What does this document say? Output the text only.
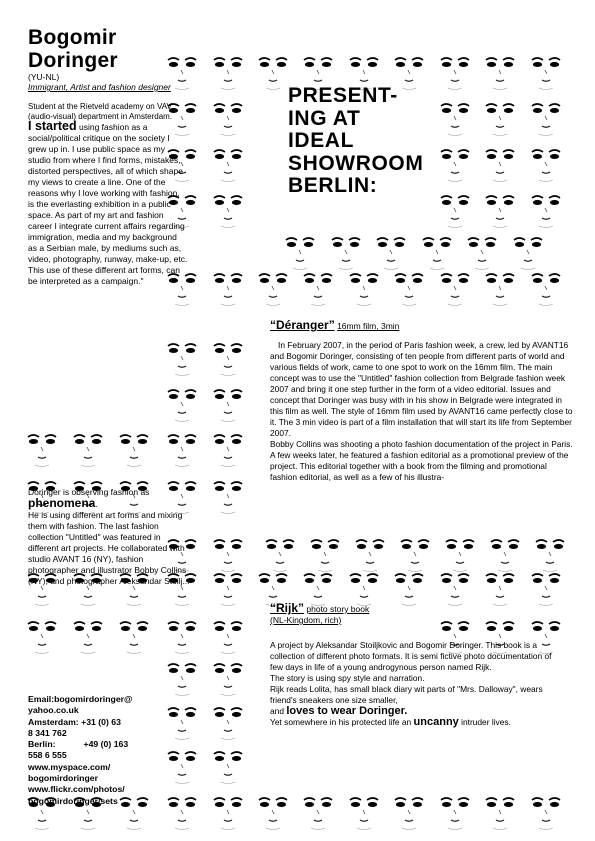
Bogomir
Doringer
(YU-NL)
Immigrant, Artist and fashion designer
Student at the Rietveld academy on VAV (audio-visual) department in Amsterdam.
I started using fashion as a social/political critique on the society I grew up in. I use public space as my studio from where I find forms, mistakes, distorted perspectives, all of which shape my views to create a line. One of the reasons why I love working with fashion, is the everlasting exhibition in a public space. As part of my art and fashion career I integrate current affairs regarding immigration, media and my background as a Serbian male, by mediums such as, video, photography, runway, make-up, etc. This use of these different art forms, can be interpreted as a campaign."
Doringer is observing fashion as phenomena.
He is using different art forms and mixing them with fashion. The last fashion collection "Untitled" was featured in different art projects. He collaborated with studio AVANT 16 (NY), fashion photographer and illustrator Bobby Collins (NY), and photographer Aleksandar Stoilj...
Email:bogomirdoringer@
yahoo.co.uk
Amsterdam: +31 (0) 63
8 341 762
Berlin:	+49 (0) 163
558 6 555
www.myspace.com/
bogomirdoringer
www.flickr.com/photos/
bogomirdoringer/sets
PRESENT-
ING AT
IDEAL
SHOWROOM
BERLIN:
“Déranger” 16mm film, 3min
In February 2007, in the period of Paris fashion week, a crew, led by AVANT16 and Bogomir Doringer, consisting of ten people from different parts of world and various fields of work, came to one spot to work on the 16mm film. The main concept was to use the "Untitled" fashion collection from Belgrade fashion week 2007 and bring it one step further in the form of a video editorial. Issues and concept that Doringer was busy with in his show in Belgrade were integrated in this film as well. The style of 16mm film used by AVANT16 came perfectly close to it. The 3 min video is part of a film installation that will start its life from September 2007.
Bobby Collins was shooting a photo fashion documentation of the project in Paris. A few weeks later, he featured a fashion editorial as a promotional preview of the project. This editorial together with a book from the filming and promotional fashion editorial, as well as a few of his illustra-
“Rijk” photo story book
(NL-Kingdom, rich)
A project by Aleksandar Stoiljkovic and Bogomir Doringer. This book is a collection of different photo formats. It is semi fictive photo documentation of few days in life of a young androgynous person named Rijk.
The story is using spy style and narration.
Rijk reads Lolita, has small black diary wit parts of "Mrs. Dalloway", wears friend's sneakers one size smaller,
and loves to wear Doringer.
Yet somewhere in his protected life an uncanny intruder lives.
